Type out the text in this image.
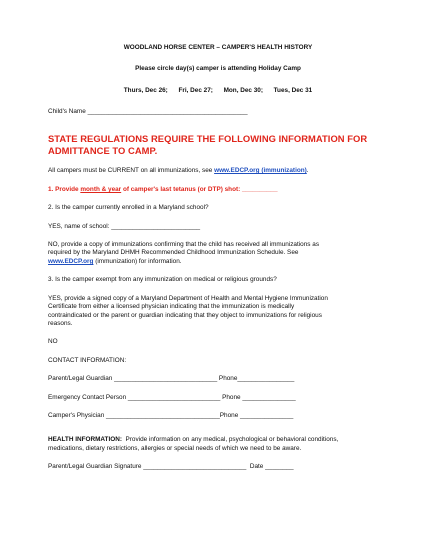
WOODLAND HORSE CENTER – CAMPER'S HEALTH HISTORY
Please circle day(s) camper is attending Holiday Camp
Thurs, Dec 26;      Fri, Dec 27;      Mon, Dec 30;      Tues, Dec 31
Child's Name _____________________________________________
STATE REGULATIONS REQUIRE THE FOLLOWING INFORMATION FOR
ADMITTANCE TO CAMP.
All campers must be CURRENT on all immunizations, see www.EDCP.org (immunization).
1. Provide month & year of camper's last tetanus (or DTP) shot: __________
2. Is the camper currently enrolled in a Maryland school?
YES, name of school: _________________________
NO, provide a copy of immunizations confirming that the child has received all immunizations as
required by the Maryland DHMH Recommended Childhood Immunization Schedule. See
www.EDCP.org (immunization) for information.
3. Is the camper exempt from any immunization on medical or religious grounds?
YES, provide a signed copy of a Maryland Department of Health and Mental Hygiene Immunization
Certificate from either a licensed physician indicating that the immunization is medically
contraindicated or the parent or guardian indicating that they object to immunizations for religious
reasons.
NO
CONTACT INFORMATION:
Parent/Legal Guardian _____________________________ Phone________________
Emergency Contact Person __________________________ Phone _______________
Camper's Physician ________________________________Phone _______________
HEALTH INFORMATION:  Provide information on any medical, psychological or behavioral conditions,
medications, dietary restrictions, allergies or special needs of which we need to be aware.
Parent/Legal Guardian Signature _____________________________  Date ________
